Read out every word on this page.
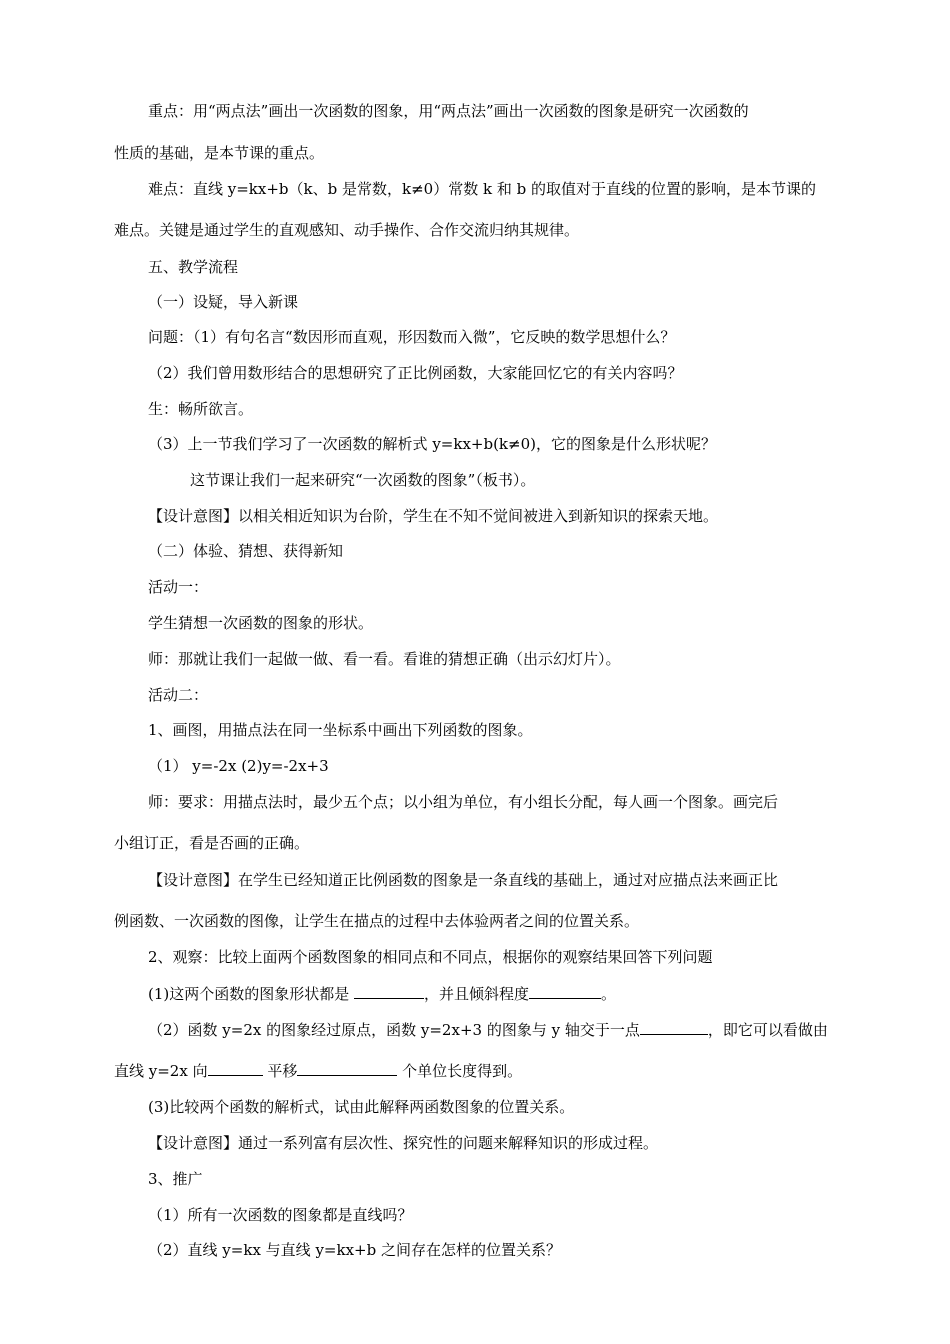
重点：用“两点法”画出一次函数的图象，用“两点法”画出一次函数的图象是研究一次函数的
性质的基础，是本节课的重点。
难点：直线 y=kx+b（k、b 是常数，k≠0）常数 k 和 b 的取值对于直线的位置的影响，是本节课的
难点。关键是通过学生的直观感知、动手操作、合作交流归纳其规律。
五、教学流程
（一）设疑，导入新课
问题：（1）有句名言“数因形而直观，形因数而入微”，它反映的数学思想什么？
（2）我们曾用数形结合的思想研究了正比例函数，大家能回忆它的有关内容吗？
生：畅所欲言。
（3）上一节我们学习了一次函数的解析式 y=kx+b(k≠0)，它的图象是什么形状呢？
这节课让我们一起来研究“一次函数的图象”（板书）。
【设计意图】以相关相近知识为台阶，学生在不知不觉间被进入到新知识的探索天地。
（二）体验、猜想、获得新知
活动一：
学生猜想一次函数的图象的形状。
师：那就让我们一起做一做、看一看。看谁的猜想正确（出示幻灯片）。
活动二：
1、画图，用描点法在同一坐标系中画出下列函数的图象。
（1） y=-2x (2)y=-2x+3
师：要求：用描点法时，最少五个点；以小组为单位，有小组长分配，每人画一个图象。画完后
小组订正，看是否画的正确。
【设计意图】在学生已经知道正比例函数的图象是一条直线的基础上，通过对应描点法来画正比
例函数、一次函数的图像，让学生在描点的过程中去体验两者之间的位置关系。
2、观察：比较上面两个函数图象的相同点和不同点，根据你的观察结果回答下列问题
(1)这两个函数的图象形状都是	，并且倾斜程度	。
（2）函数 y=2x 的图象经过原点，函数 y=2x+3 的图象与 y 轴交于一点	，即它可以看做由
直线 y=2x 向	平移	个单位长度得到。
(3)比较两个函数的解析式，试由此解释两函数图象的位置关系。
【设计意图】通过一系列富有层次性、探究性的问题来解释知识的形成过程。
3、推广
（1）所有一次函数的图象都是直线吗？
（2）直线 y=kx 与直线 y=kx+b 之间存在怎样的位置关系？
